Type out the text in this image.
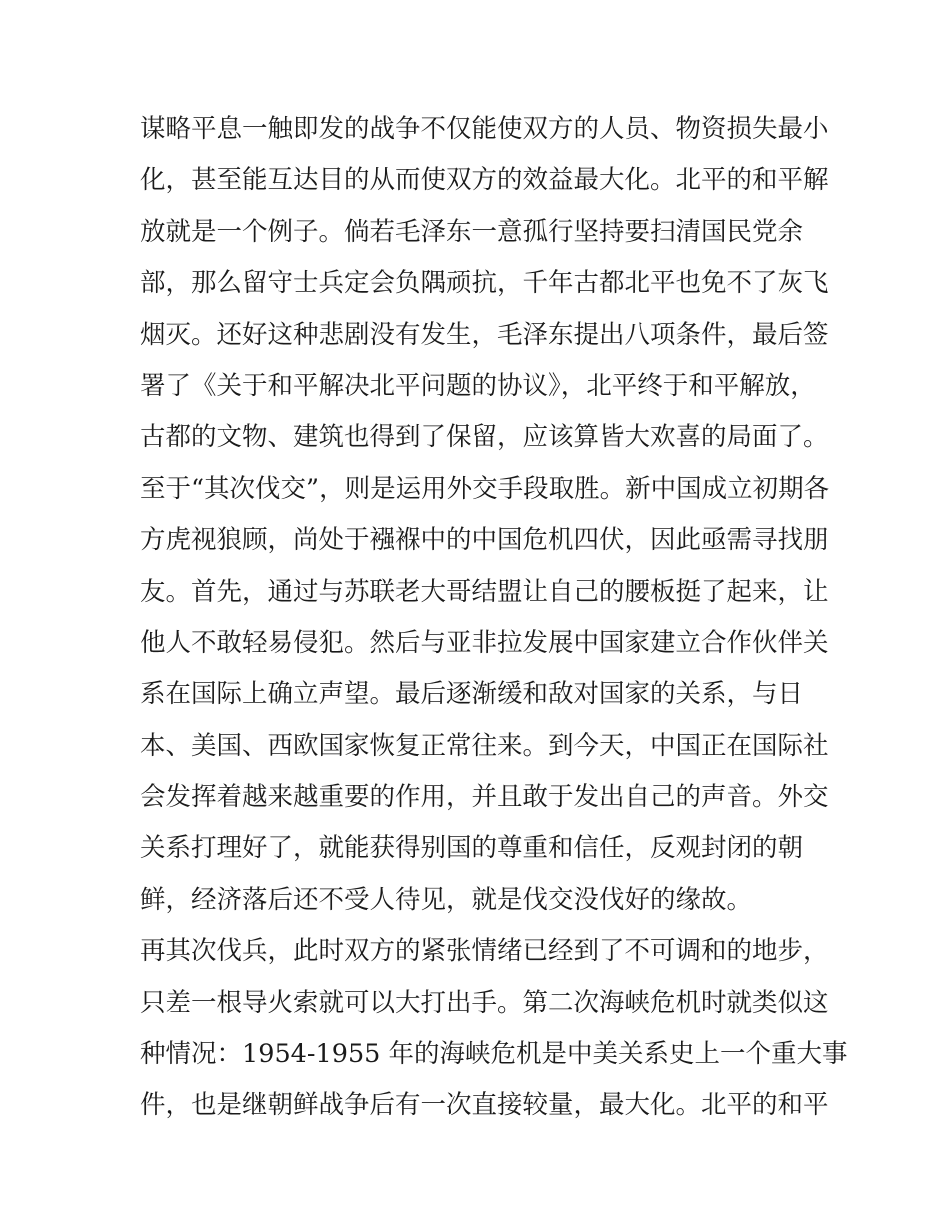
谋略平息一触即发的战争不仅能使双方的人员、物资损失最小
化，甚至能互达目的从而使双方的效益最大化。北平的和平解
放就是一个例子。倘若毛泽东一意孤行坚持要扫清国民党余
部，那么留守士兵定会负隅顽抗，千年古都北平也免不了灰飞
烟灭。还好这种悲剧没有发生，毛泽东提出八项条件，最后签
署了《关于和平解决北平问题的协议》，北平终于和平解放，
古都的文物、建筑也得到了保留，应该算皆大欢喜的局面了。
至于“其次伐交”，则是运用外交手段取胜。新中国成立初期各
方虎视狼顾，尚处于襁褓中的中国危机四伏，因此亟需寻找朋
友。首先，通过与苏联老大哥结盟让自己的腰板挺了起来，让
他人不敢轻易侵犯。然后与亚非拉发展中国家建立合作伙伴关
系在国际上确立声望。最后逐渐缓和敌对国家的关系，与日
本、美国、西欧国家恢复正常往来。到今天，中国正在国际社
会发挥着越来越重要的作用，并且敢于发出自己的声音。外交
关系打理好了，就能获得别国的尊重和信任，反观封闭的朝
鲜，经济落后还不受人待见，就是伐交没伐好的缘故。
再其次伐兵，此时双方的紧张情绪已经到了不可调和的地步，
只差一根导火索就可以大打出手。第二次海峡危机时就类似这
种情况：1954-1955 年的海峡危机是中美关系史上一个重大事
件，也是继朝鲜战争后有一次直接较量，最大化。北平的和平
